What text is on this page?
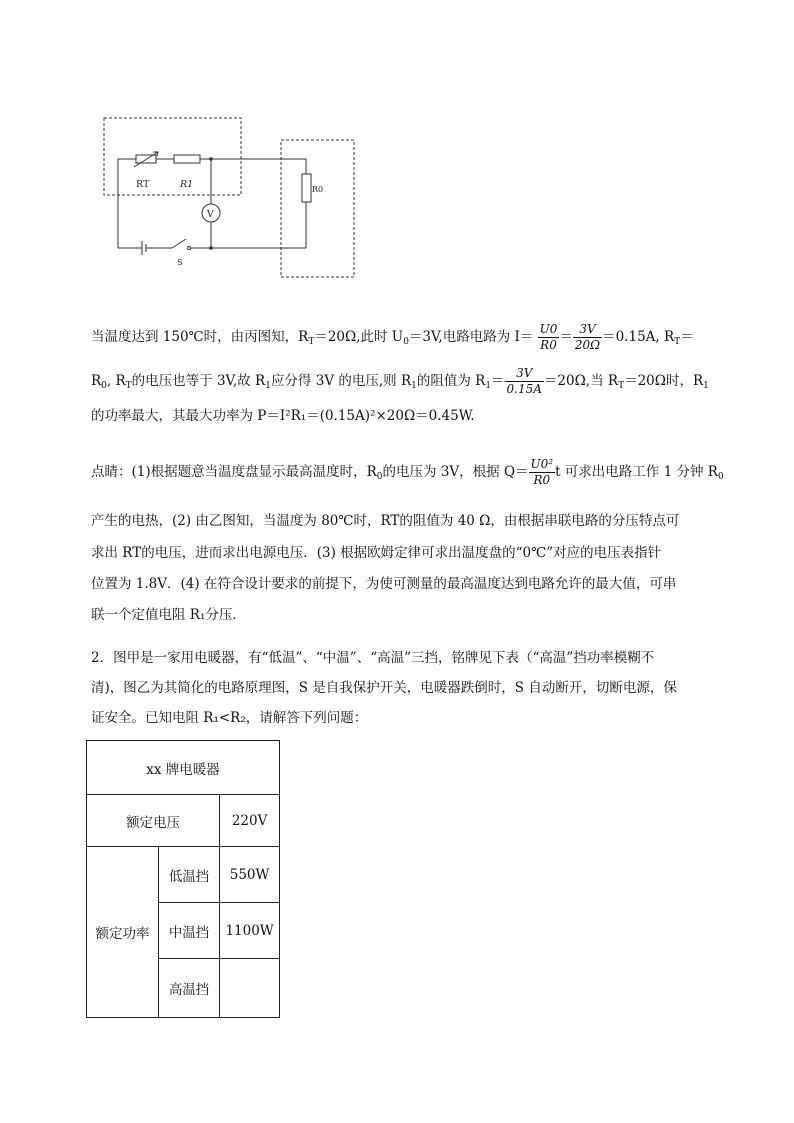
RT	R1	R0
V
S
当温度达到 150℃时，由丙图知，$R_T=20\Omega$,此时 $U_0=3V$,电路电路为 $I= \frac{U0}{R0} = \frac{3V}{20\Omega} =0.15A$, $R_T=$
$R_0$, $R_T$的电压也等于 3V,故 $R_1$应分得 3V 的电压,则 $R_1$的阻值为 $R_1= \frac{3V}{0.15A} =20\Omega$,当 $R_T=20\Omega$时，$R_1$
的功率最大，其最大功率为 P＝I²R₁＝(0.15A)²×20Ω＝0.45W.
点睛：(1)根据题意当温度盘显示最高温度时，$R_0$的电压为 3V，根据 $Q= \frac{\text{U0²}}{R0}$ t 可求出电路工作 1 分钟 $R_0$
产生的电热，(2) 由乙图知，当温度为 80℃时，RT的阻值为 40 Ω，由根据串联电路的分压特点可
求出 RT的电压，进而求出电源电压．(3) 根据欧姆定律可求出温度盘的“0℃”对应的电压表指针
位置为 1.8V．(4) 在符合设计要求的前提下，为使可测量的最高温度达到电路允许的最大值，可串
联一个定值电阻 R₁分压．
2．图甲是一家用电暖器，有“低温”、“中温”、“高温”三挡，铭牌见下表（“高温”挡功率模糊不
清)，图乙为其简化的电路原理图，S 是自我保护开关，电暖器跌倒时，S 自动断开，切断电源，保
证安全。已知电阻 R₁<R₂，请解答下列问题：
xx 牌电暖器		
额定电压		220V
额定功率	低温挡	550W
	中温挡	1100W
	高温挡	
